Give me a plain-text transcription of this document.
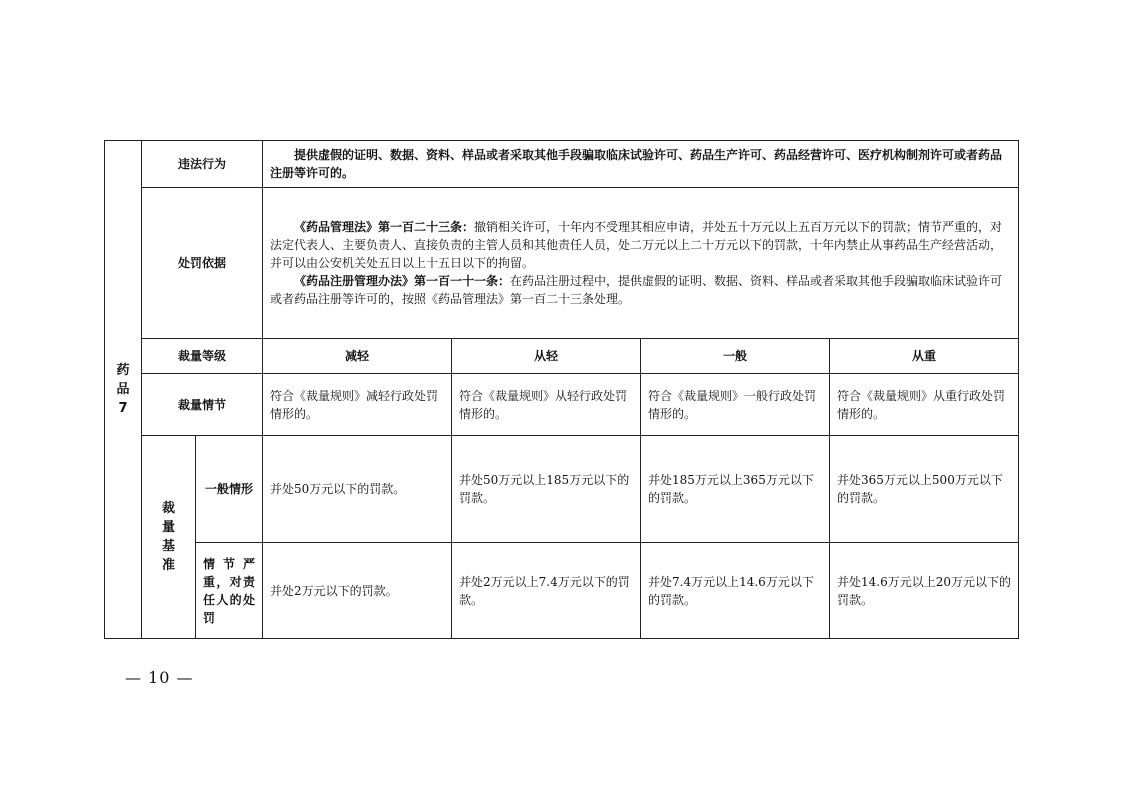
药品7	违法行为		提供虚假的证明、数据、资料、样品或者采取其他手段骗取临床试验许可、药品生产许可、药品经营许可、医疗机构制剂许可或者药品注册等许可的。			

	处罚依据		《药品管理法》第一百二十三条：撤销相关许可，十年内不受理其相应申请，并处五十万元以上五百万元以下的罚款；情节严重的，对法定代表人、主要负责人、直接负责的主管人员和其他责任人员，处二万元以上二十万元以下的罚款，十年内禁止从事药品生产经营活动，并可以由公安机关处五日以上十五日以下的拘留。

《药品注册管理办法》第一百一十一条：在药品注册过程中，提供虚假的证明、数据、资料、样品或者采取其他手段骗取临床试验许可或者药品注册等许可的，按照《药品管理法》第一百二十三条处理。			

	裁量等级		减轻	从轻	一般	从重
	裁量情节		符合《裁量规则》减轻行政处罚情形的。	符合《裁量规则》从轻行政处罚情形的。	符合《裁量规则》一般行政处罚情形的。	符合《裁量规则》从重行政处罚情形的。
	裁量基准	一般情形	并处50万元以下的罚款。	并处50万元以上185万元以下的罚款。	并处185万元以上365万元以下的罚款。	并处365万元以上500万元以下的罚款。
		情节严重，对责任人的处罚	并处2万元以下的罚款。	并处2万元以上7.4万元以下的罚款。	并处7.4万元以上14.6万元以下的罚款。	并处14.6万元以上20万元以下的罚款。
— 10 —
